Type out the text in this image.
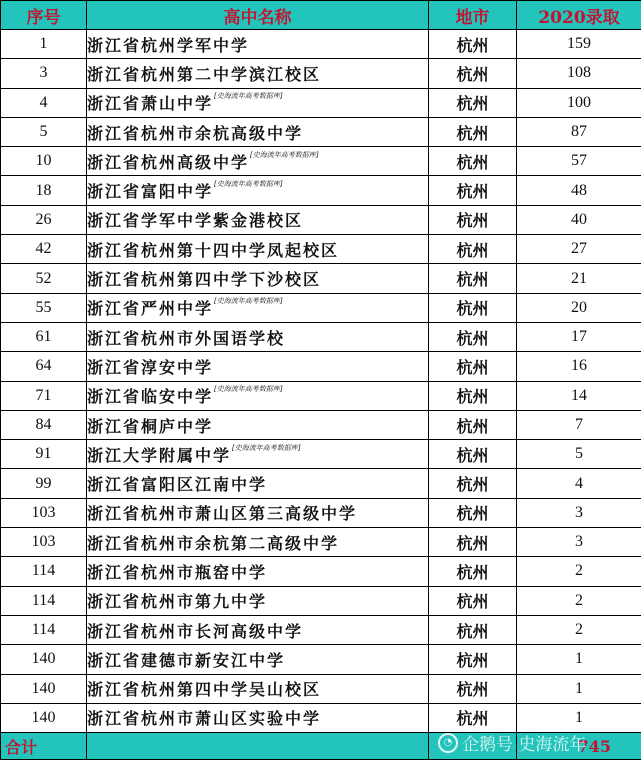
序号	高中名称	地市	2020录取
1	浙江省杭州学军中学	杭州	159
3	浙江省杭州第二中学滨江校区	杭州	108
4	浙江省萧山中学[史海流年高考数据库]	杭州	100
5	浙江省杭州市余杭高级中学	杭州	87
10	浙江省杭州高级中学[史海流年高考数据库]	杭州	57
18	浙江省富阳中学[史海流年高考数据库]	杭州	48
26	浙江省学军中学紫金港校区	杭州	40
42	浙江省杭州第十四中学凤起校区	杭州	27
52	浙江省杭州第四中学下沙校区	杭州	21
55	浙江省严州中学[史海流年高考数据库]	杭州	20
61	浙江省杭州市外国语学校	杭州	17
64	浙江省淳安中学	杭州	16
71	浙江省临安中学[史海流年高考数据库]	杭州	14
84	浙江省桐庐中学	杭州	7
91	浙江大学附属中学[史海流年高考数据库]	杭州	5
99	浙江省富阳区江南中学	杭州	4
103	浙江省杭州市萧山区第三高级中学	杭州	3
103	浙江省杭州市余杭第二高级中学	杭州	3
114	浙江省杭州市瓶窑中学	杭州	2
114	浙江省杭州市第九中学	杭州	2
114	浙江省杭州市长河高级中学	杭州	2
140	浙江省建德市新安江中学	杭州	1
140	浙江省杭州第四中学吴山校区	杭州	1
140	浙江省杭州市萧山区实验中学	杭州	1
合计			745
◔ 企鹅号 史海流年
